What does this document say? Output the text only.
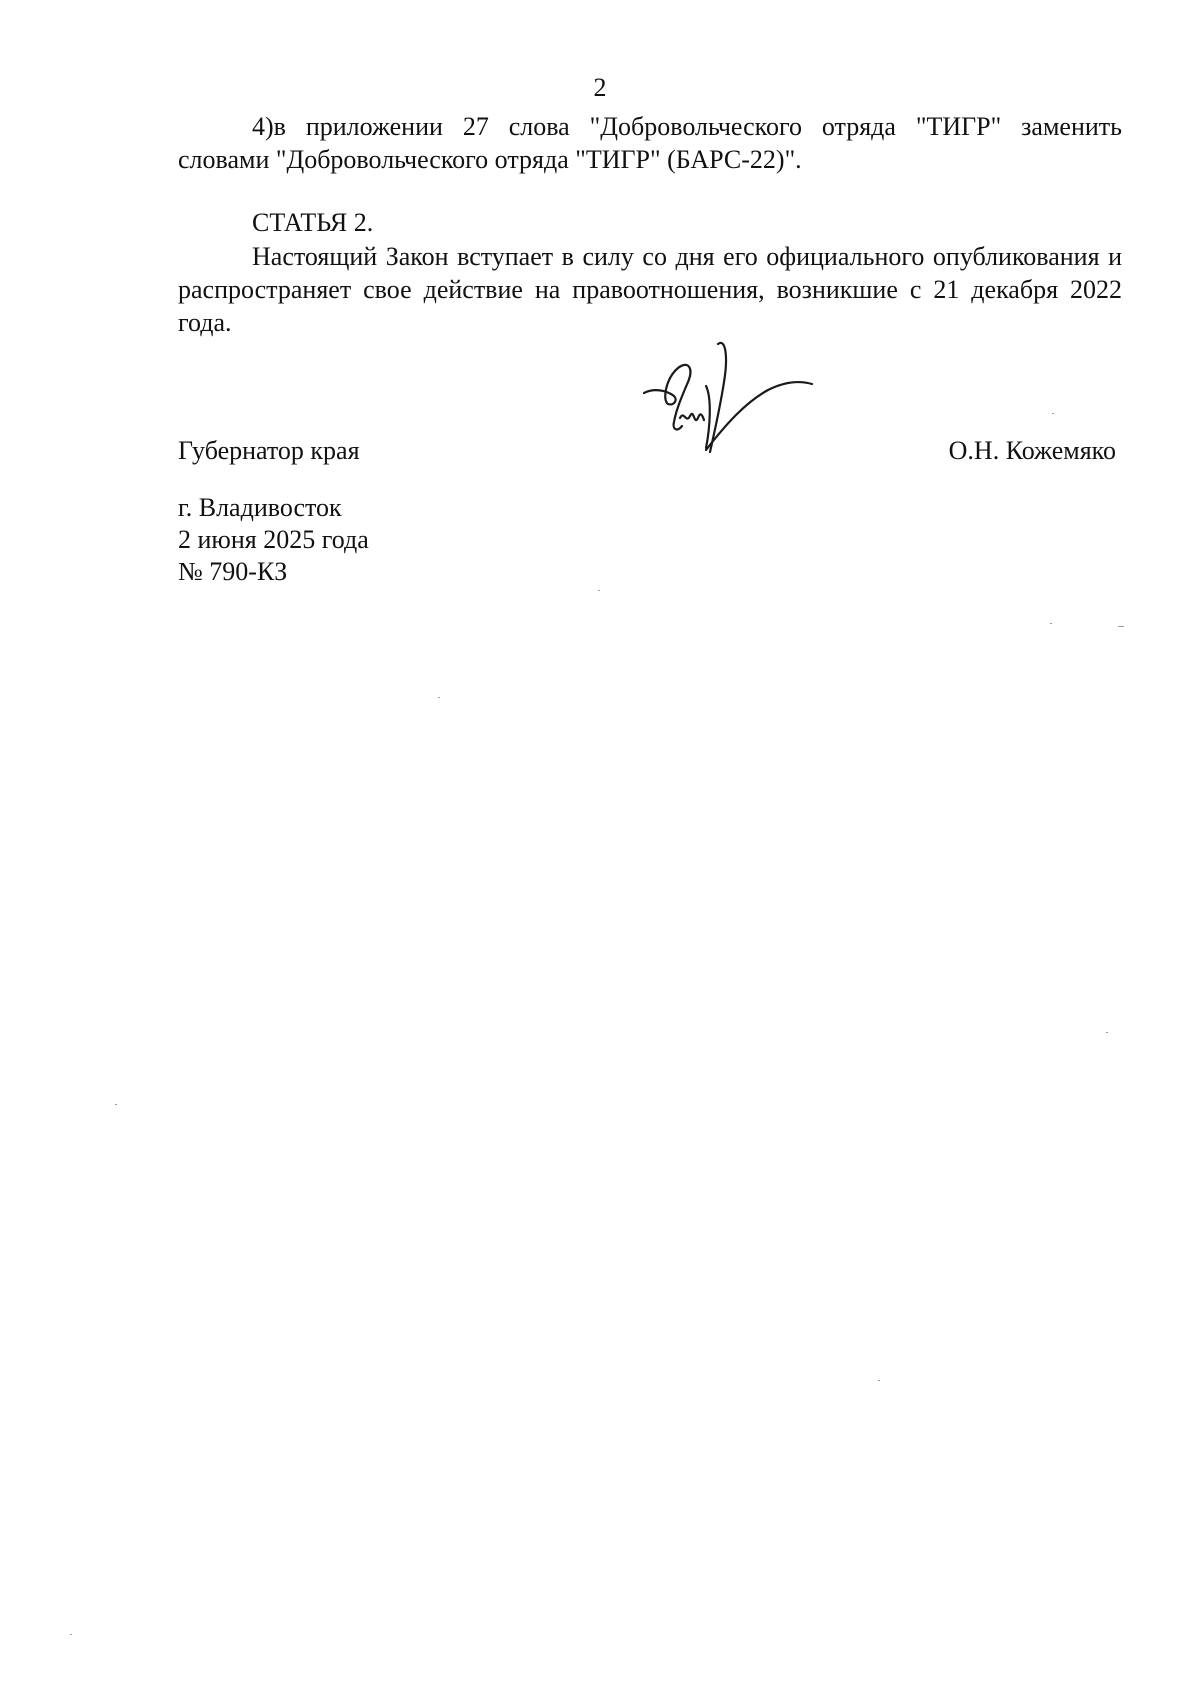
2

4)в приложении 27 слова "Добровольческого отряда "ТИГР" заменить словами "Добровольческого отряда "ТИГР" (БАРС-22)".

СТАТЬЯ 2.

Настоящий Закон вступает в силу со дня его официального опубликования и распространяет свое действие на правоотношения, возникшие с 21 декабря 2022 года.

Губернатор края	О.Н. Кожемяко
г. Владивосток
2 июня 2025 года
№ 790-КЗ
